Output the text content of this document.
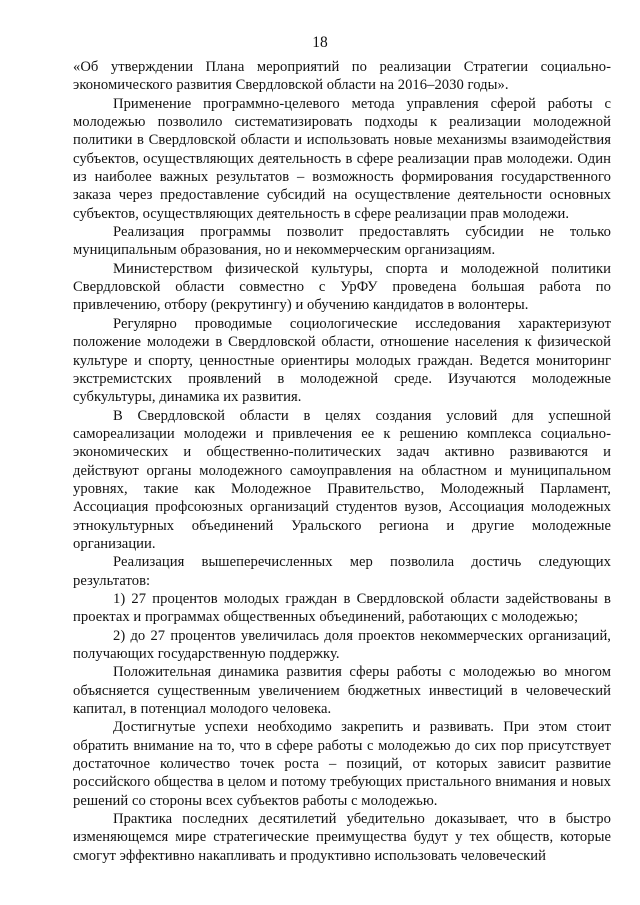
18

«Об утверждении Плана мероприятий по реализации Стратегии социально-экономического развития Свердловской области на 2016–2030 годы».

Применение программно-целевого метода управления сферой работы с молодежью позволило систематизировать подходы к реализации молодежной политики в Свердловской области и использовать новые механизмы взаимодействия субъектов, осуществляющих деятельность в сфере реализации прав молодежи. Один из наиболее важных результатов – возможность формирования государственного заказа через предоставление субсидий на осуществление деятельности основных субъектов, осуществляющих деятельность в сфере реализации прав молодежи.

Реализация программы позволит предоставлять субсидии не только муниципальным образования, но и некоммерческим организациям.

Министерством физической культуры, спорта и молодежной политики Свердловской области совместно с УрФУ проведена большая работа по привлечению, отбору (рекрутингу) и обучению кандидатов в волонтеры.

Регулярно проводимые социологические исследования характеризуют положение молодежи в Свердловской области, отношение населения к физической культуре и спорту, ценностные ориентиры молодых граждан. Ведется мониторинг экстремистских проявлений в молодежной среде. Изучаются молодежные субкультуры, динамика их развития.

В Свердловской области в целях создания условий для успешной самореализации молодежи и привлечения ее к решению комплекса социально-экономических и общественно-политических задач активно развиваются и действуют органы молодежного самоуправления на областном и муниципальном уровнях, такие как Молодежное Правительство, Молодежный Парламент, Ассоциация профсоюзных организаций студентов вузов, Ассоциация молодежных этнокультурных объединений Уральского региона и другие молодежные организации.

Реализация вышеперечисленных мер позволила достичь следующих результатов:

1) 27 процентов молодых граждан в Свердловской области задействованы в проектах и программах общественных объединений, работающих с молодежью;

2) до 27 процентов увеличилась доля проектов некоммерческих организаций, получающих государственную поддержку.

Положительная динамика развития сферы работы с молодежью во многом объясняется существенным увеличением бюджетных инвестиций в человеческий капитал, в потенциал молодого человека.

Достигнутые успехи необходимо закрепить и развивать. При этом стоит обратить внимание на то, что в сфере работы с молодежью до сих пор присутствует достаточное количество точек роста – позиций, от которых зависит развитие российского общества в целом и потому требующих пристального внимания и новых решений со стороны всех субъектов работы с молодежью.

Практика последних десятилетий убедительно доказывает, что в быстро изменяющемся мире стратегические преимущества будут у тех обществ, которые смогут эффективно накапливать и продуктивно использовать человеческий
